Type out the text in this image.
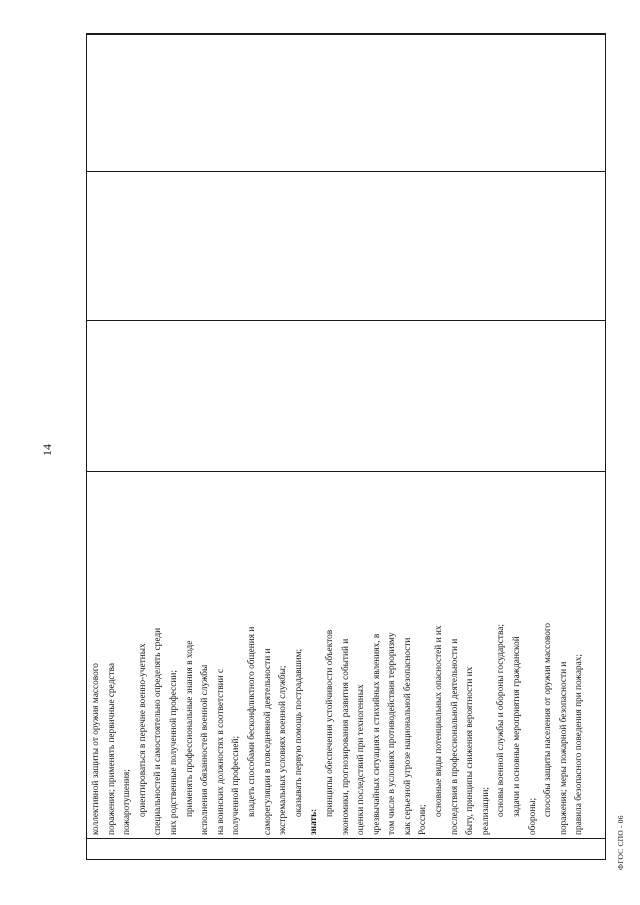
14

коллективной защиты от оружия массового поражения; применять первичные средства пожаротушения; ориентироваться в перечне военно-учетных специальностей и самостоятельно определять среди них родственные полученной профессии; применять профессиональные знания в ходе исполнения обязанностей военной службы на воинских должностях в соответствии с полученной профессией; владеть способами бесконфликтного общения и саморегуляции в повседневной деятельности и экстремальных условиях военной службы; оказывать первую помощь пострадавшим;
знать:
принципы обеспечения устойчивости объектов экономики, прогнозирования развития событий и оценки последствий при техногенных чрезвычайных ситуациях и стихийных явлениях, в том числе в условиях противодействия терроризму как серьезной угрозе национальной безопасности России;
основные виды потенциальных опасностей и их последствия в профессиональной деятельности и быту, принципы снижения вероятности их реализации; основы военной службы и обороны государства; задачи и основные мероприятия гражданской обороны; способы защиты населения от оружия массового поражения; меры пожарной безопасности и правила безопасного поведения при пожарах;

ФГОС СПО - 06
